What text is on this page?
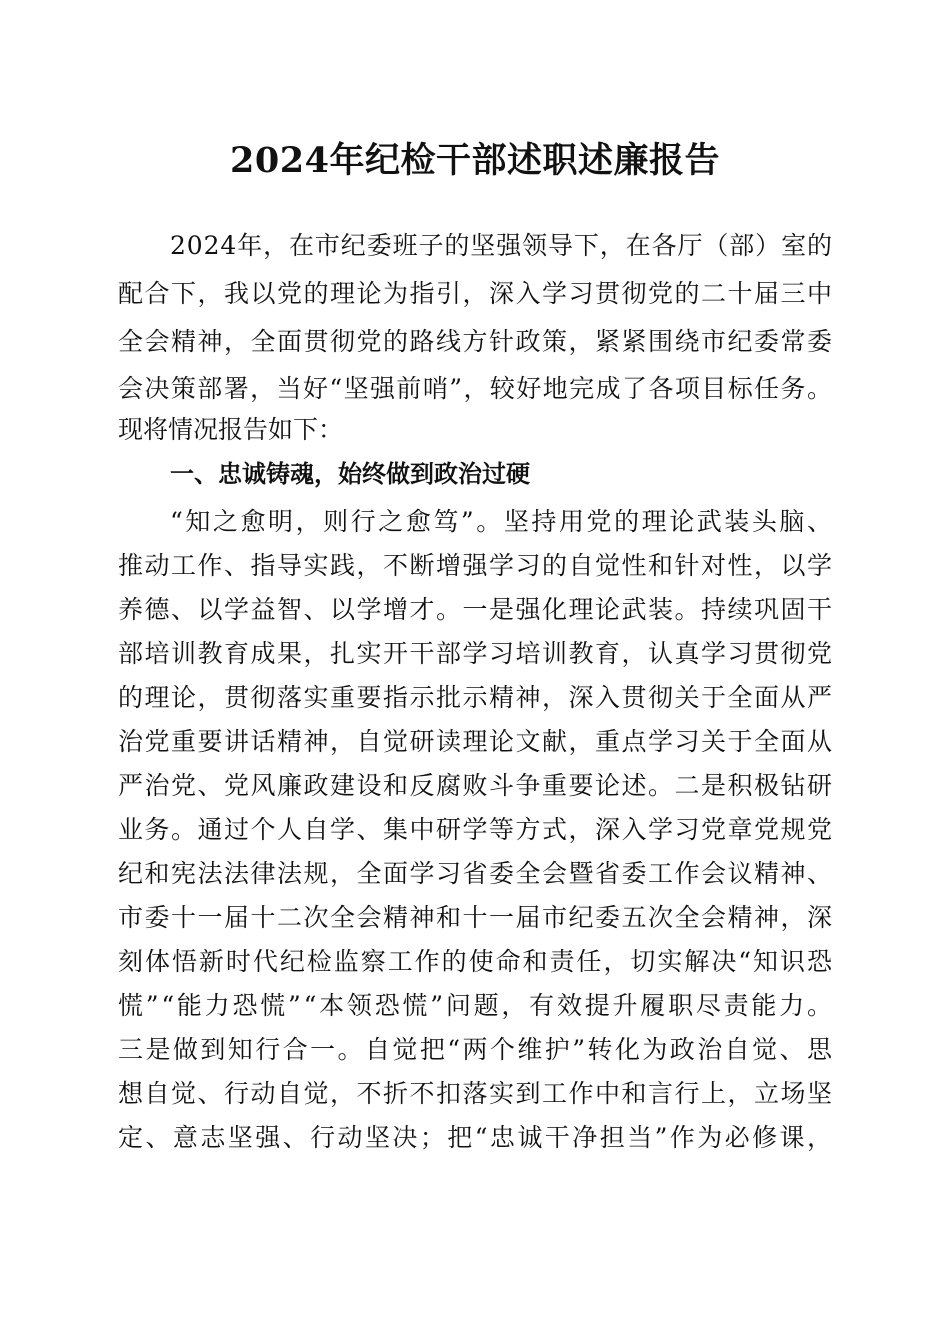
2024年纪检干部述职述廉报告
2024年，在市纪委班子的坚强领导下，在各厅（部）室的
配合下，我以党的理论为指引，深入学习贯彻党的二十届三中
全会精神，全面贯彻党的路线方针政策，紧紧围绕市纪委常委
会决策部署，当好“坚强前哨”，较好地完成了各项目标任务。
现将情况报告如下：
一、忠诚铸魂，始终做到政治过硬
“知之愈明，则行之愈笃”。坚持用党的理论武装头脑、
推动工作、指导实践，不断增强学习的自觉性和针对性，以学
养德、以学益智、以学增才。一是强化理论武装。持续巩固干
部培训教育成果，扎实开干部学习培训教育，认真学习贯彻党
的理论，贯彻落实重要指示批示精神，深入贯彻关于全面从严
治党重要讲话精神，自觉研读理论文献，重点学习关于全面从
严治党、党风廉政建设和反腐败斗争重要论述。二是积极钻研
业务。通过个人自学、集中研学等方式，深入学习党章党规党
纪和宪法法律法规，全面学习省委全会暨省委工作会议精神、
市委十一届十二次全会精神和十一届市纪委五次全会精神，深
刻体悟新时代纪检监察工作的使命和责任，切实解决“知识恐
慌”“能力恐慌”“本领恐慌”问题，有效提升履职尽责能力。
三是做到知行合一。自觉把“两个维护”转化为政治自觉、思
想自觉、行动自觉，不折不扣落实到工作中和言行上，立场坚
定、意志坚强、行动坚决；把“忠诚干净担当”作为必修课，
